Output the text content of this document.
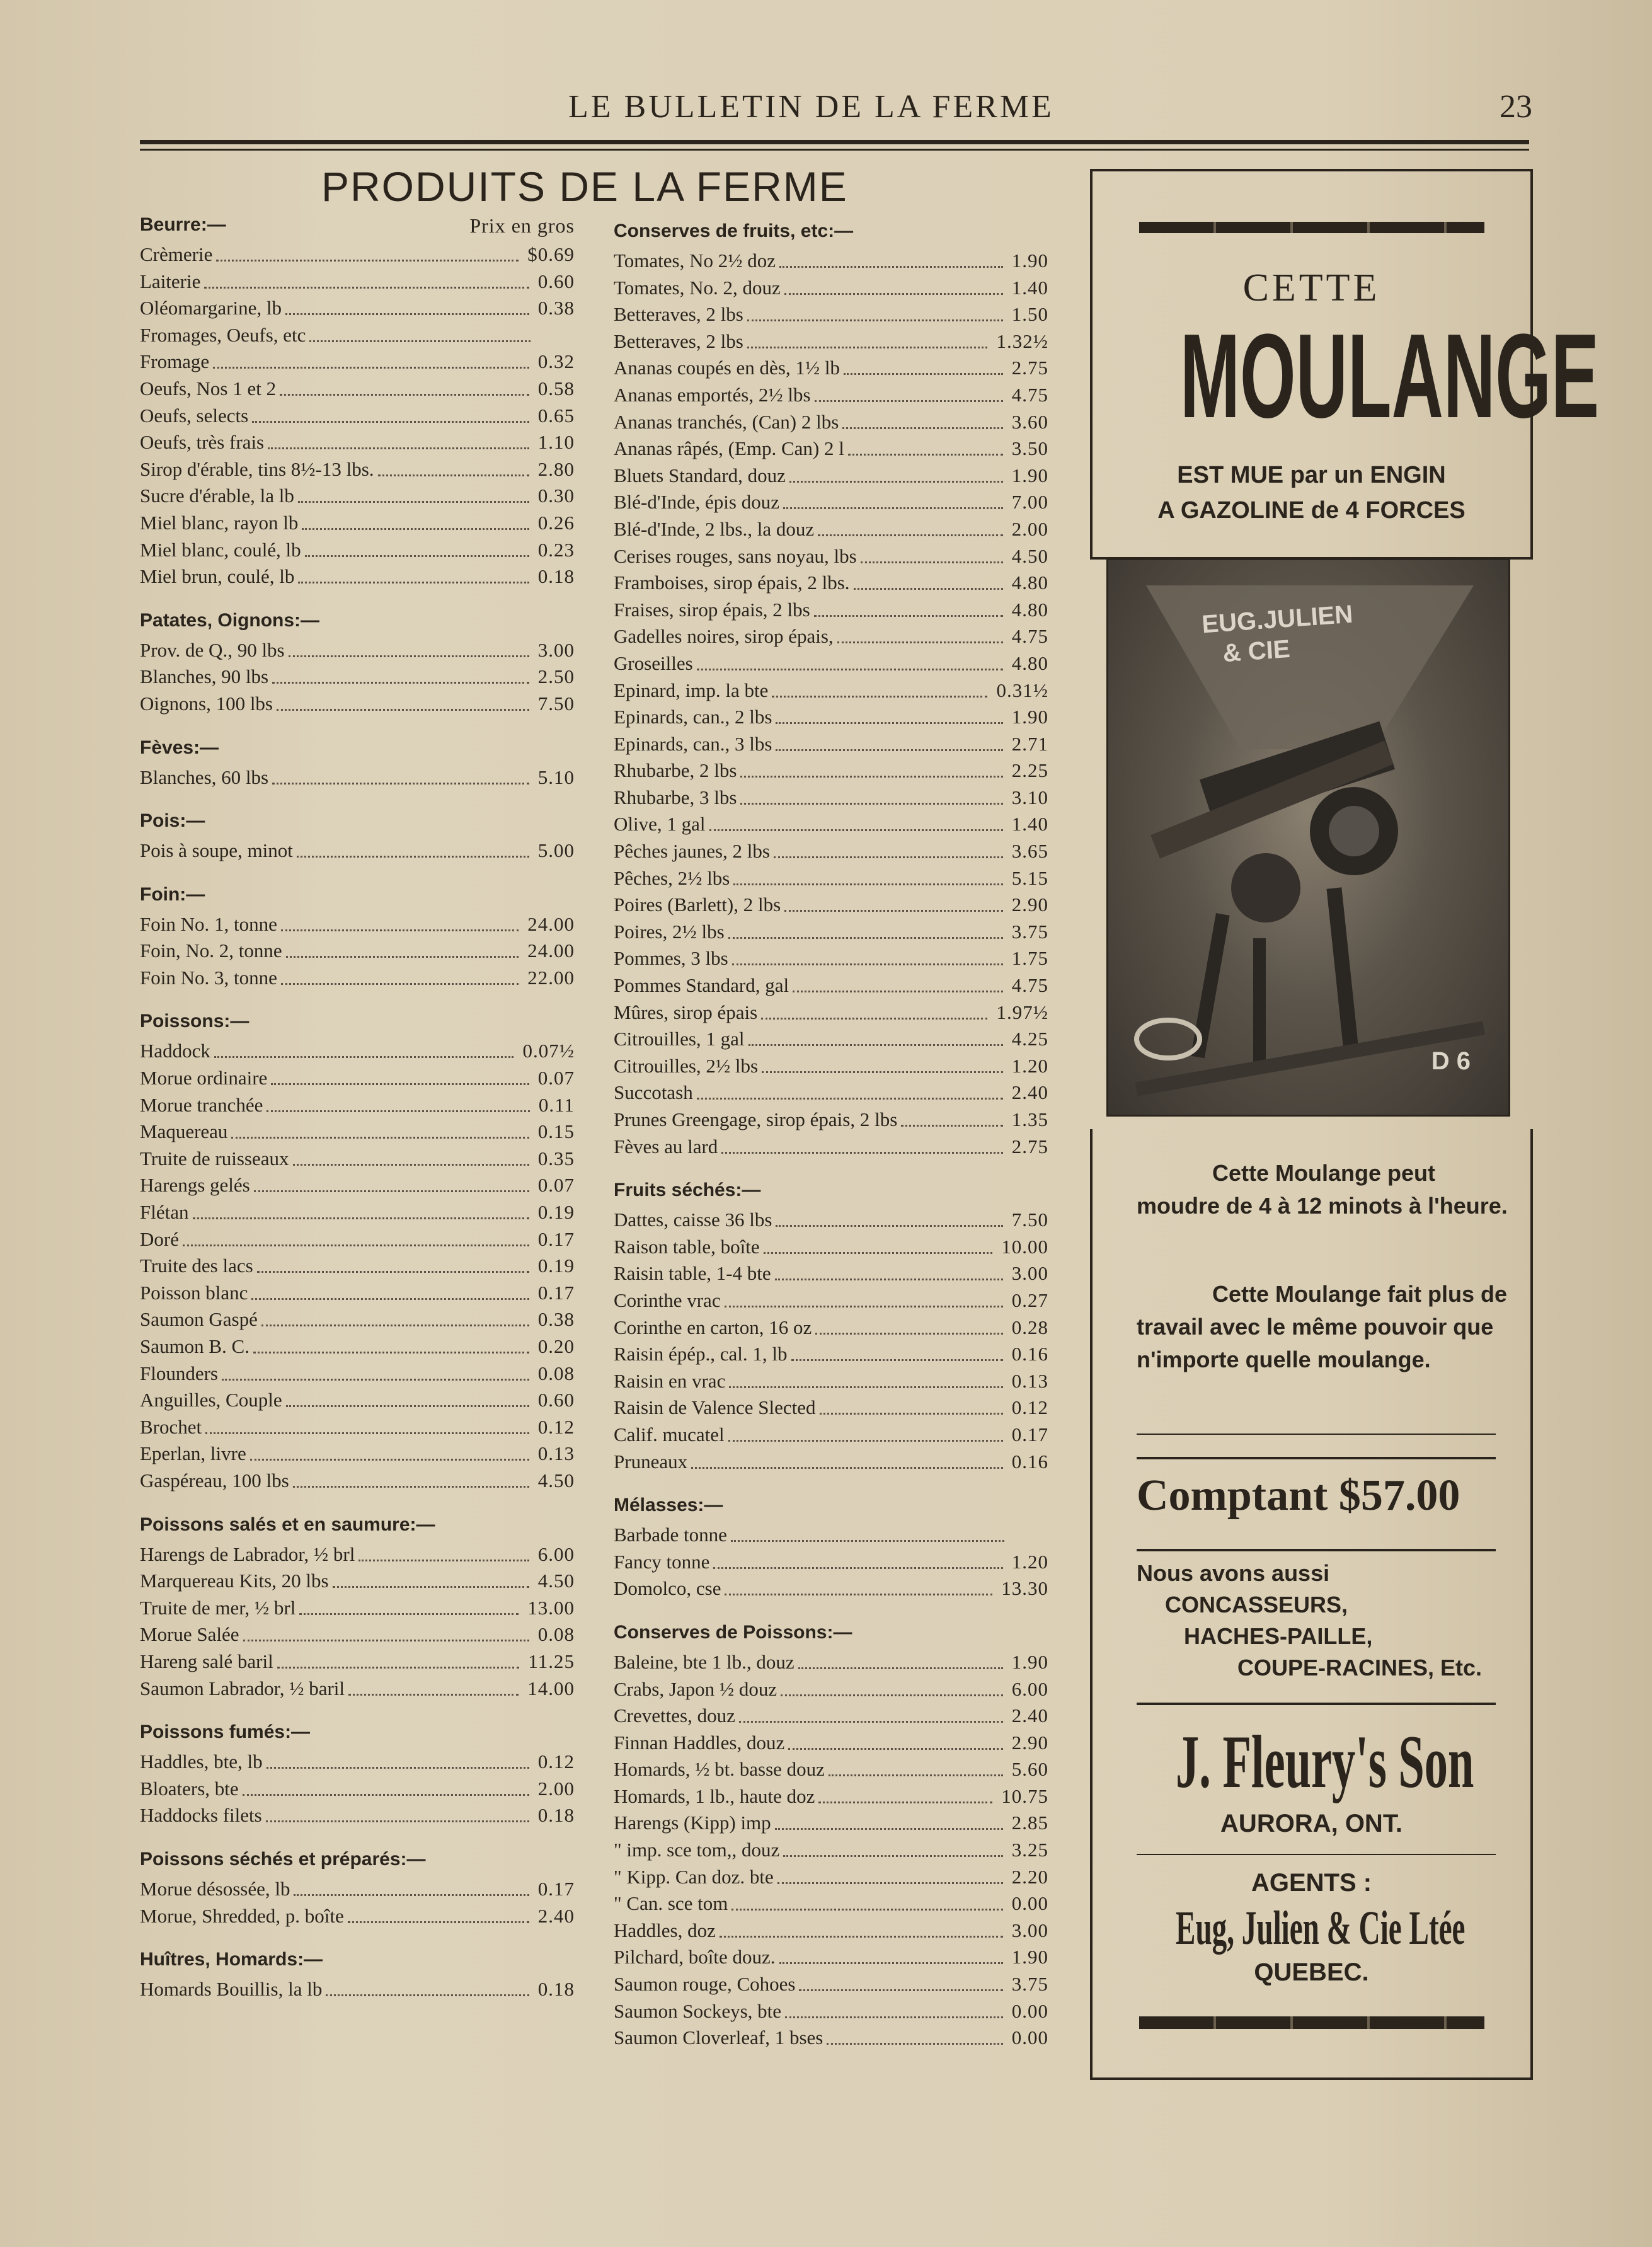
LE BULLETIN DE LA FERME	23
PRODUITS DE LA FERME
Beurre:—	Prix en gros
Crèmerie	$0.69
Laiterie	0.60
Oléomargarine, lb	0.38
Fromages, Oeufs, etc
Fromage	0.32
Oeufs, Nos 1 et 2	0.58
Oeufs, selects	0.65
Oeufs, très frais	1.10
Sirop d'érable, tins 8½-13 lbs.	2.80
Sucre d'érable, la lb	0.30
Miel blanc, rayon lb	0.26
Miel blanc, coulé, lb	0.23
Miel brun, coulé, lb	0.18
Patates, Oignons:—
Prov. de Q., 90 lbs	3.00
Blanches, 90 lbs	2.50
Oignons, 100 lbs	7.50
Fèves:—
Blanches, 60 lbs	5.10
Pois:—
Pois à soupe, minot	5.00
Foin:—
Foin No. 1, tonne	24.00
Foin, No. 2, tonne	24.00
Foin No. 3, tonne	22.00
Poissons:—
Haddock	0.07½
Morue ordinaire	0.07
Morue tranchée	0.11
Maquereau	0.15
Truite de ruisseaux	0.35
Harengs gelés	0.07
Flétan	0.19
Doré	0.17
Truite des lacs	0.19
Poisson blanc	0.17
Saumon Gaspé	0.38
Saumon B. C.	0.20
Flounders	0.08
Anguilles, Couple	0.60
Brochet	0.12
Eperlan, livre	0.13
Gaspéreau, 100 lbs	4.50
Poissons salés et en saumure:—
Harengs de Labrador, ½ brl	6.00
Marquereau Kits, 20 lbs	4.50
Truite de mer, ½ brl	13.00
Morue Salée	0.08
Hareng salé baril	11.25
Saumon Labrador, ½ baril	14.00
Poissons fumés:—
Haddles, bte, lb	0.12
Bloaters, bte	2.00
Haddocks filets	0.18
Poissons séchés et préparés:—
Morue désossée, lb	0.17
Morue, Shredded, p. boîte	2.40
Huîtres, Homards:—
Homards Bouillis, la lb	0.18
Conserves de fruits, etc:—
Tomates, No 2½ doz	1.90
Tomates, No. 2, douz	1.40
Betteraves, 2 lbs	1.50
Betteraves, 2 lbs	1.32½
Ananas coupés en dès, 1½ lb	2.75
Ananas emportés, 2½ lbs	4.75
Ananas tranchés, (Can) 2 lbs	3.60
Ananas râpés, (Emp. Can) 2 l	3.50
Bluets Standard, douz	1.90
Blé-d'Inde, épis douz	7.00
Blé-d'Inde, 2 lbs., la douz	2.00
Cerises rouges, sans noyau, lbs	4.50
Framboises, sirop épais, 2 lbs.	4.80
Fraises, sirop épais, 2 lbs	4.80
Gadelles noires, sirop épais,	4.75
Groseilles	4.80
Epinard, imp. la bte	0.31½
Epinards, can., 2 lbs	1.90
Epinards, can., 3 lbs	2.71
Rhubarbe, 2 lbs	2.25
Rhubarbe, 3 lbs	3.10
Olive, 1 gal	1.40
Pêches jaunes, 2 lbs	3.65
Pêches, 2½ lbs	5.15
Poires (Barlett), 2 lbs	2.90
Poires, 2½ lbs	3.75
Pommes, 3 lbs	1.75
Pommes Standard, gal	4.75
Mûres, sirop épais	1.97½
Citrouilles, 1 gal	4.25
Citrouilles, 2½ lbs	1.20
Succotash	2.40
Prunes Greengage, sirop épais, 2 lbs	1.35
Fèves au lard	2.75
Fruits séchés:—
Dattes, caisse 36 lbs	7.50
Raison table, boîte	10.00
Raisin table, 1-4 bte	3.00
Corinthe vrac	0.27
Corinthe en carton, 16 oz	0.28
Raisin épép., cal. 1, lb	0.16
Raisin en vrac	0.13
Raisin de Valence Slected	0.12
Calif. mucatel	0.17
Pruneaux	0.16
Mélasses:—
Barbade tonne
Fancy tonne	1.20
Domolco, cse	13.30
Conserves de Poissons:—
Baleine, bte 1 lb., douz	1.90
Crabs, Japon ½ douz	6.00
Crevettes, douz	2.40
Finnan Haddles, douz	2.90
Homards, ½ bt. basse douz	5.60
Homards, 1 lb., haute doz	10.75
Harengs (Kipp) imp	2.85
" imp. sce tom,, douz	3.25
" Kipp. Can doz. bte	2.20
" Can. sce tom	0.00
Haddles, doz	3.00
Pilchard, boîte douz.	1.90
Saumon rouge, Cohoes	3.75
Saumon Sockeys, bte	0.00
Saumon Cloverleaf, 1 bses	0.00
CETTE
MOULANGE
EST MUE par un ENGIN
A GAZOLINE de 4 FORCES
EUG.JULIEN
& CIE
D 6
Cette Moulange peut moudre de 4 à 12 minots à l'heure.
Cette Moulange fait plus de travail avec le même pouvoir que n'importe quelle moulange.
Comptant $57.00
Nous avons aussi
CONCASSEURS,
HACHES-PAILLE,
COUPE-RACINES, Etc.
J. Fleury's Son
AURORA, ONT.
AGENTS :
Eug, Julien & Cie Ltée
QUEBEC.
